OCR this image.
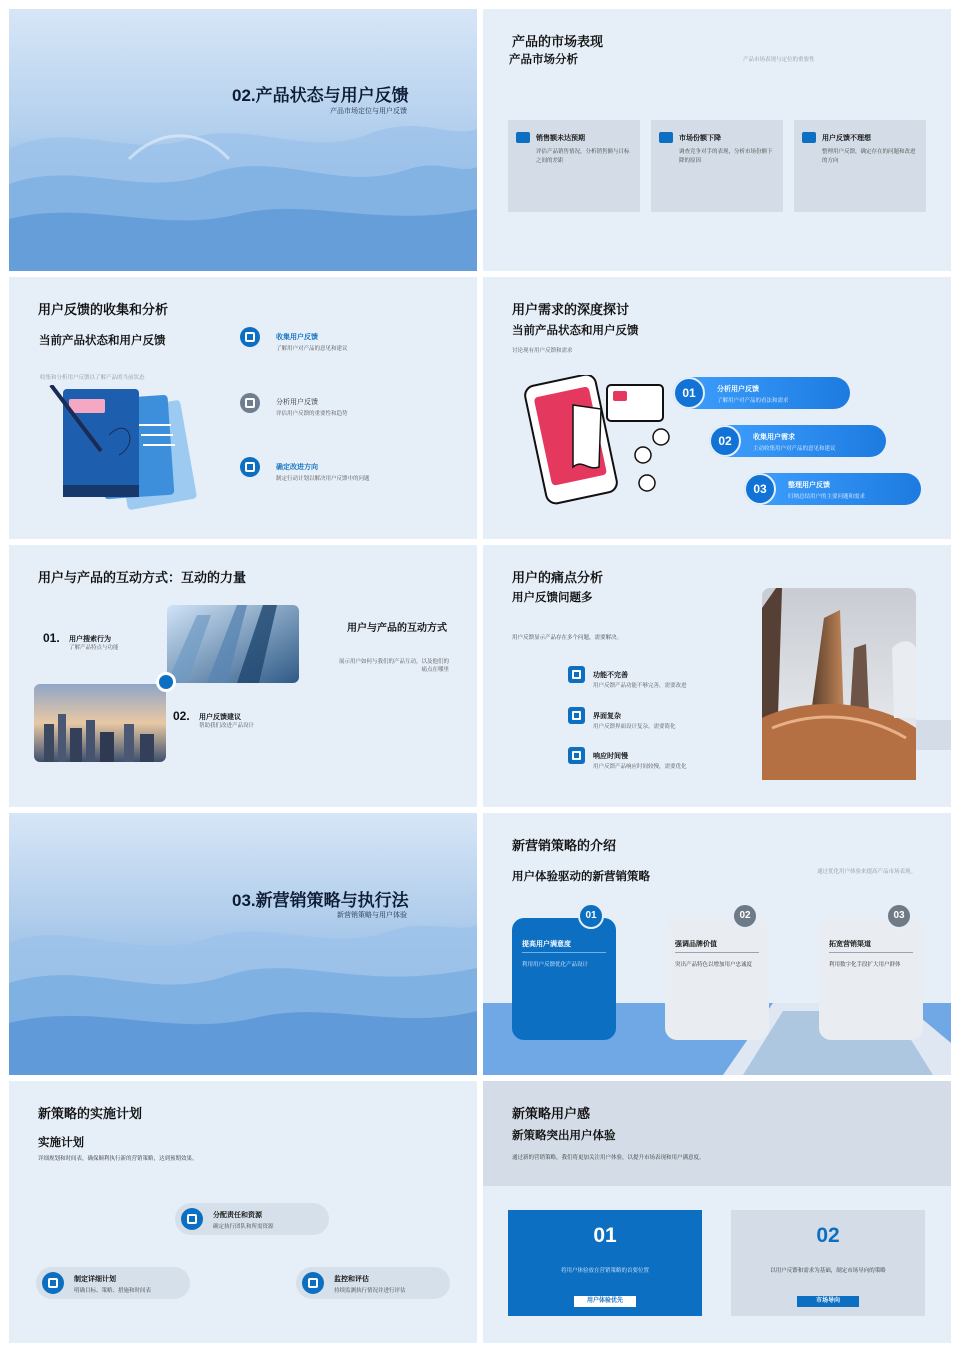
02.产品状态与用户反馈
产品市场定位与用户反馈
产品的市场表现
产品市场分析	产品市场表现与定位的重要性
销售额未达预期
评估产品销售情况，分析销售额与目标之间的差距
市场份额下降
调查竞争对手的表现，分析市场份额下降的原因
用户反馈不理想
整理用户反馈，确定存在的问题和改进的方向
用户反馈的收集和分析
当前产品状态和用户反馈
收集和分析用户反馈以了解产品的当前状态
收集用户反馈
了解用户对产品的意见和建议
分析用户反馈
评估用户反馈的重要性和趋势
确定改进方向
制定行动计划以解决用户反馈中的问题
用户需求的深度探讨
当前产品状态和用户反馈
讨论现有用户反馈和需求
01	分析用户反馈
了解用户对产品的看法和需求
02	收集用户需求
主动收集用户对产品的意见和建议
03	整理用户反馈
归纳总结用户的主要问题和需求
用户与产品的互动方式：互动的力量
01. 用户搜索行为
了解产品特点与功能
02. 用户反馈建议
帮助我们改进产品设计
用户与产品的互动方式
展示用户如何与我们的产品互动，以及他们的痛点在哪里
用户的痛点分析
用户反馈问题多
用户反馈显示产品存在多个问题，需要解决。
功能不完善
用户反馈产品功能不够完善，需要改进
界面复杂
用户反馈界面设计复杂，需要简化
响应时间慢
用户反馈产品响应时间较慢，需要优化
03.新营销策略与执行法
新营销策略与用户体验
新营销策略的介绍
用户体验驱动的新营销策略	通过优化用户体验来提高产品市场表现。
提高用户满意度
利用用户反馈优化产品设计
01
强调品牌价值
突出产品特色以增加用户忠诚度
02
拓宽营销渠道
利用数字化手段扩大用户群体
03
新策略的实施计划
实施计划
详细规划和时间表，确保顺利执行新的营销策略，达到预期效果。
分配责任和资源
确定执行团队和所需资源
制定详细计划
明确目标、策略、措施和时间表
监控和评估
持续监测执行情况并进行评估
新策略用户感
新策略突出用户体验
通过新的营销策略，我们将更加关注用户体验，以提升市场表现和用户满意度。
01
将用户体验放在营销策略的首要位置
用户体验优先
02
以用户反馈和需求为基础，制定市场导向的策略
市场导向
